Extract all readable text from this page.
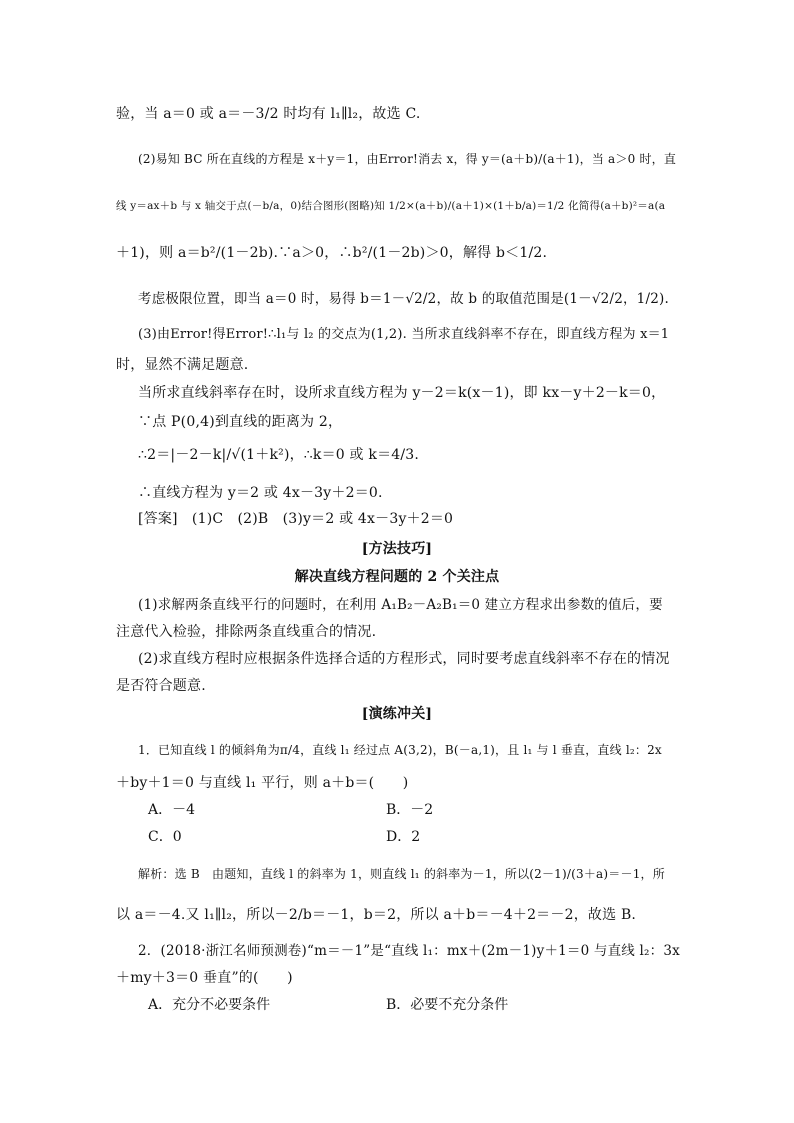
验，当 a＝0 或 a＝－3/2 时均有 l₁∥l₂，故选 C.
(2)易知 BC 所在直线的方程是 x＋y＝1，由Error!消去 x，得 y＝(a＋b)/(a＋1)，当 a＞0 时，直
线 y＝ax＋b 与 x 轴交于点(－b/a，0)结合图形(图略)知 1/2×(a＋b)/(a＋1)×(1＋b/a)＝1/2 化简得(a＋b)²＝a(a
＋1)，则 a＝b²/(1－2b).∵a＞0，∴b²/(1－2b)＞0，解得 b＜1/2.
考虑极限位置，即当 a＝0 时，易得 b＝1－√2/2，故 b 的取值范围是(1－√2/2，1/2).
(3)由Error!得Error!∴l₁与 l₂ 的交点为(1,2). 当所求直线斜率不存在，即直线方程为 x＝1
时，显然不满足题意.
当所求直线斜率存在时，设所求直线方程为 y－2＝k(x－1)，即 kx－y＋2－k＝0，
∵点 P(0,4)到直线的距离为 2，
∴2＝|－2－k|/√(1＋k²)，∴k＝0 或 k＝4/3.
∴直线方程为 y＝2 或 4x－3y＋2＝0.
[答案]　(1)C　(2)B　(3)y＝2 或 4x－3y＋2＝0
[方法技巧]
解决直线方程问题的 2 个关注点
(1)求解两条直线平行的问题时，在利用 A₁B₂－A₂B₁＝0 建立方程求出参数的值后，要
注意代入检验，排除两条直线重合的情况.
(2)求直线方程时应根据条件选择合适的方程形式，同时要考虑直线斜率不存在的情况
是否符合题意.
[演练冲关]
1．已知直线 l 的倾斜角为π/4，直线 l₁ 经过点 A(3,2)，B(－a,1)，且 l₁ 与 l 垂直，直线 l₂：2x
＋by＋1＝0 与直线 l₁ 平行，则 a＋b＝(　　)
A．－4	B．－2
C．0	D．2
解析：选 B　由题知，直线 l 的斜率为 1，则直线 l₁ 的斜率为－1，所以(2－1)/(3＋a)＝－1，所
以 a＝－4.又 l₁∥l₂，所以－2/b＝－1，b＝2，所以 a＋b＝－4＋2＝－2，故选 B.
2．(2018·浙江名师预测卷)“m＝－1”是“直线 l₁：mx＋(2m－1)y＋1＝0 与直线 l₂：3x
＋my＋3＝0 垂直”的(　　)
A．充分不必要条件	B．必要不充分条件
